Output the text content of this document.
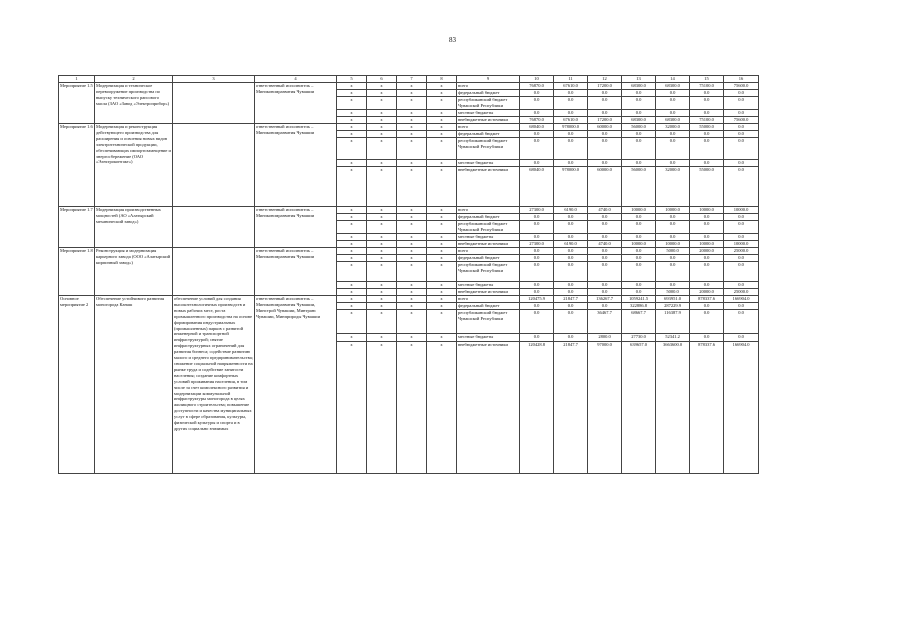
83
1	2	3	4	5	6	7	8	9	10	11	12	13	14	15	16
Мероприятие 1.5	Модернизация и техническое перевооружение производства по выпуску технического рапсового масла (ЗАО «Завод «Электроприбор»)		ответственный исполнитель – Минэкономразвития Чувашии	x	x	x	x	всего	76870.0	67610.0	17200.0	68300.0	68300.0	75100.0	75600.0
				x	x	x	x	федеральный бюджет	0.0	0.0	0.0	0.0	0.0	0.0	0.0
				x	x	x	x	республиканский бюджет Чувашской Республики	0.0	0.0	0.0	0.0	0.0	0.0	0.0
				x	x	x	x	местные бюджеты	0.0	0.0	0.0	0.0	0.0	0.0	0.0
				x	x	x	x	внебюджетные источники	76870.0	67610.0	17200.0	68300.0	68300.0	75100.0	75600.0
Мероприятие 1.6	Модернизация и реконструкция действующего производства для расширения и освоения новых видов электротехнической продукции, обеспечивающих импортозамещение и энергосбережение (ОАО «Электроконтакт»)		ответственный исполнитель – Минэкономразвития Чувашии	x	x	x	x	всего	68040.0	978000.0	60000.0	56000.0	32000.0	55000.0	0.0
				x	x	x	x	федеральный бюджет	0.0	0.0	0.0	0.0	0.0	0.0	0.0
				x	x	x	x	республиканский бюджет Чувашской Республики	0.0	0.0	0.0	0.0	0.0	0.0	0.0
				x	x	x	x	местные бюджеты	0.0	0.0	0.0	0.0	0.0	0.0	0.0
				x	x	x	x	внебюджетные источники	68040.0	978000.0	60000.0	56000.0	32000.0	55000.0	0.0
Мероприятие 1.7	Модернизация производственных мощностей (АО «Алатырский механический завод»)		ответственный исполнитель – Минэкономразвития Чувашии	x	x	x	x	всего	27300.0	6190.0	4740.0	10000.0	10000.0	10000.0	10000.0
				x	x	x	x	федеральный бюджет	0.0	0.0	0.0	0.0	0.0	0.0	0.0
				x	x	x	x	республиканский бюджет Чувашской Республики	0.0	0.0	0.0	0.0	0.0	0.0	0.0
				x	x	x	x	местные бюджеты	0.0	0.0	0.0	0.0	0.0	0.0	0.0
				x	x	x	x	внебюджетные источники	27300.0	6190.0	4740.0	10000.0	10000.0	10000.0	10000.0
Мероприятие 1.8	Реконструкция и модернизация карьерного завода (ООО «Алатырский кирпичный завод»)		ответственный исполнитель – Минэкономразвития Чувашии	x	x	x	x	всего	0.0	0.0	0.0	0.0	5000.0	20000.0	25000.0
				x	x	x	x	федеральный бюджет	0.0	0.0	0.0	0.0	0.0	0.0	0.0
				x	x	x	x	республиканский бюджет Чувашской Республики	0.0	0.0	0.0	0.0	0.0	0.0	0.0
				x	x	x	x	местные бюджеты	0.0	0.0	0.0	0.0	0.0	0.0	0.0
				x	x	x	x	внебюджетные источники	0.0	0.0	0.0	0.0	5000.0	20000.0	25000.0
Основное мероприятие 2	Обеспечение устойчивого развития моногорода Канаш	обеспечение условий для создания высокотехнологичных производств и новых рабочих мест, роста промышленного производства на основе формирования индустриальных (промышленных) парков с развитой инженерной и транспортной инфраструктурой; снятие инфраструктурных ограничений для развития бизнеса; содействие развитию малого и среднего предпринимательства; снижение социальной напряженности на рынке труда и содействие занятости населения; создание комфортных условий проживания населения, в том числе за счет комплексного развития и модернизации коммунальной инфраструктуры моногорода в целях жилищного строительства; повышение доступности и качества муниципальных услуг в сфере образования, культуры, физической культуры и спорта и в других социально значимых	ответственный исполнитель – Минэкономразвития Чувашии, Минстрой Чувашии, Минтранс Чувашии, Минприроды Чувашии	x	x	x	x	всего	120475.9	21847.7	136267.7	1059241.5	693951.0	878337.6	166904.0
				x	x	x	x	федеральный бюджет	0.0	0.0	0.0	322886.8	287229.9	0.0	0.0
				x	x	x	x	республиканский бюджет Чувашской Республики	0.0	0.0	36467.7	68667.7	116387.9	0.0	0.0
				x	x	x	x	местные бюджеты	0.0	0.0	2800.0	27730.0	52341.2	0.0	0.0
				x	x	x	x	внебюджетные источники	120428.8	21847.7	97000.0	639657.0	3663600.0	878337.6	166904.0
